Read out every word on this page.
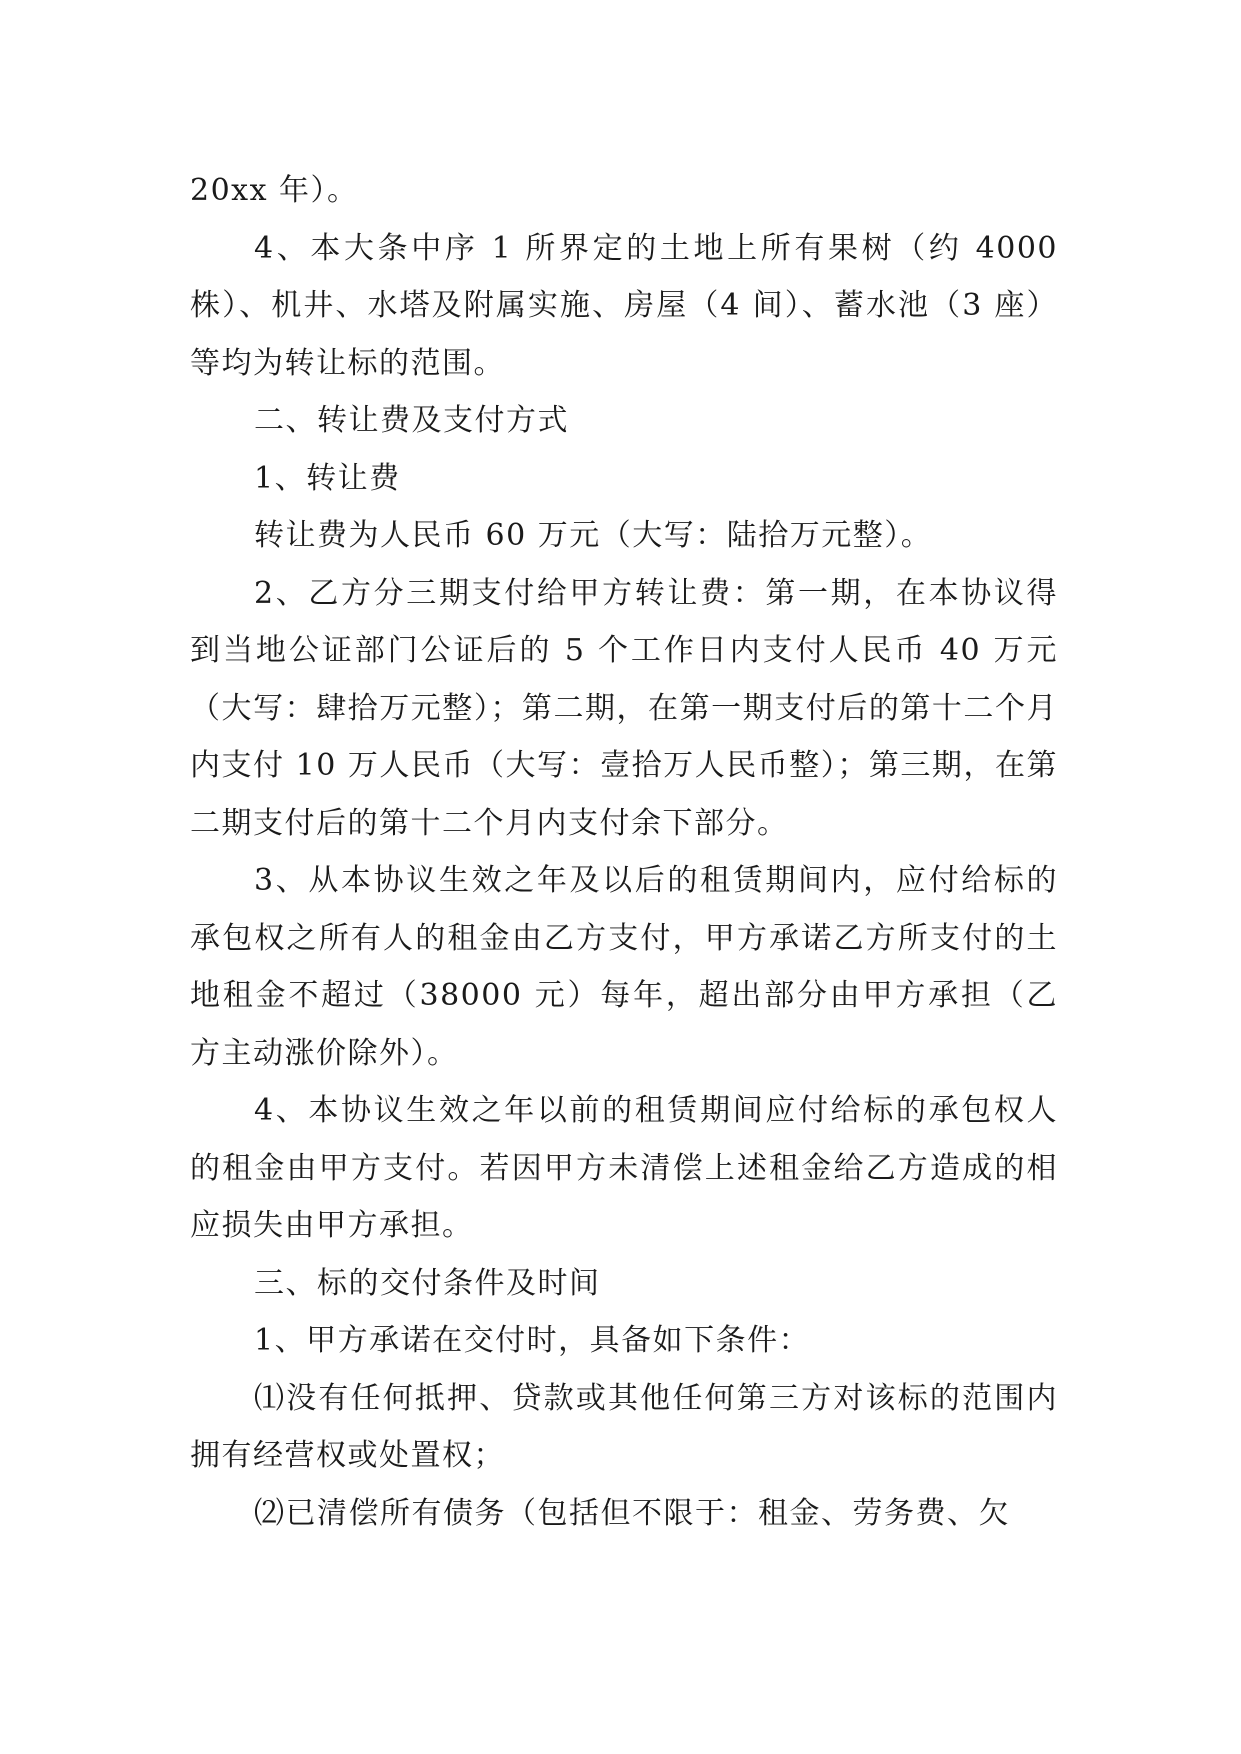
20xx 年）。

4、本大条中序 1 所界定的土地上所有果树（约 4000 株）、机井、水塔及附属实施、房屋（4 间）、蓄水池（3 座）等均为转让标的范围。

二、转让费及支付方式

1、转让费

转让费为人民币 60 万元（大写：陆拾万元整）。

2、乙方分三期支付给甲方转让费：第一期，在本协议得到当地公证部门公证后的 5 个工作日内支付人民币 40 万元（大写：肆拾万元整）；第二期，在第一期支付后的第十二个月内支付 10 万人民币（大写：壹拾万人民币整）；第三期，在第二期支付后的第十二个月内支付余下部分。

3、从本协议生效之年及以后的租赁期间内，应付给标的承包权之所有人的租金由乙方支付，甲方承诺乙方所支付的土地租金不超过（38000 元）每年，超出部分由甲方承担（乙方主动涨价除外）。

4、本协议生效之年以前的租赁期间应付给标的承包权人的租金由甲方支付。若因甲方未清偿上述租金给乙方造成的相应损失由甲方承担。

三、标的交付条件及时间

1、甲方承诺在交付时，具备如下条件：

⑴没有任何抵押、贷款或其他任何第三方对该标的范围内拥有经营权或处置权；

⑵已清偿所有债务（包括但不限于：租金、劳务费、欠
